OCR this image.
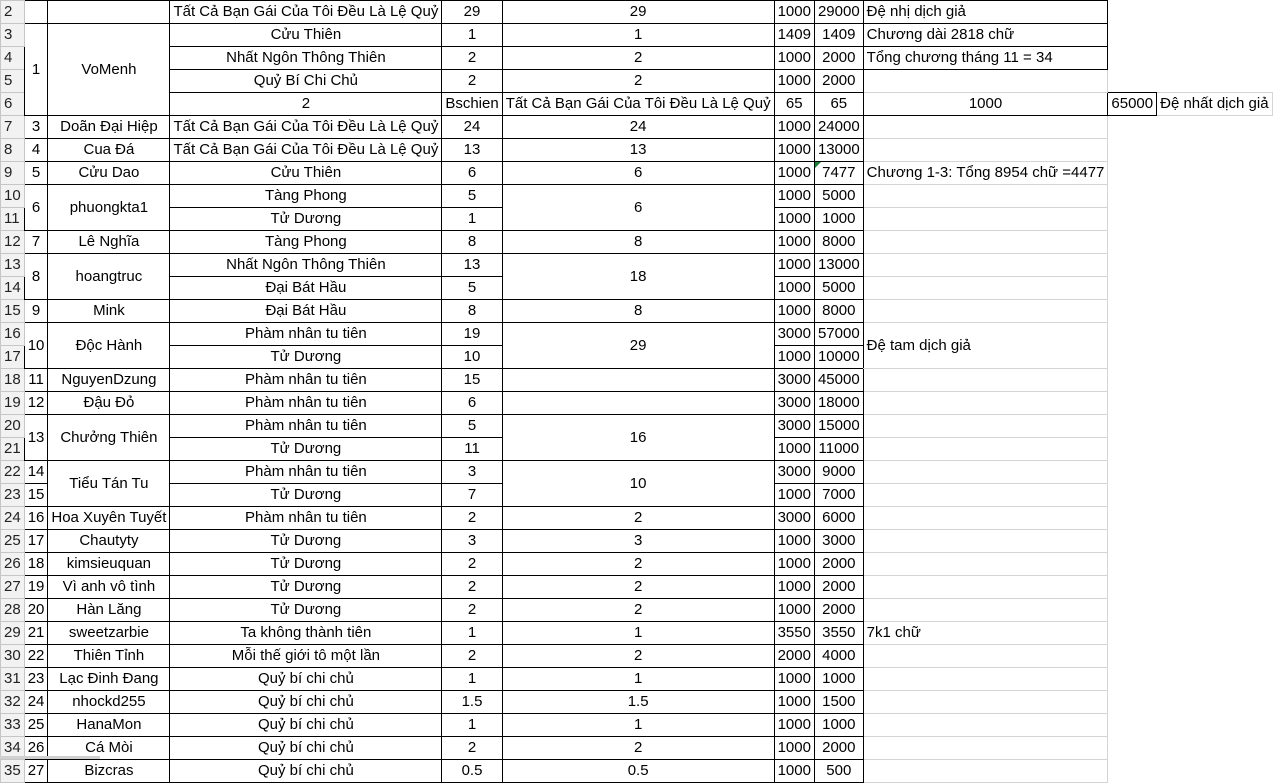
2			Tất Cả Bạn Gái Của Tôi Đều Là Lệ Quỷ	29	29	1000	29000	Đệ nhị dịch giả		
3	1	VoMenh	Cửu Thiên	1	1	1409	1409	Chương dài 2818 chữ		
4			Nhất Ngôn Thông Thiên	2	2	1000	2000	Tổng chương tháng 11 = 34		
5			Quỷ Bí Chi Chủ	2	2	1000	2000			
6			2	Bschien	Tất Cả Bạn Gái Của Tôi Đều Là Lệ Quỷ	65	65	1000	65000	Đệ nhất dịch giả
7	3	Doãn Đại Hiệp	Tất Cả Bạn Gái Của Tôi Đều Là Lệ Quỷ	24	24	1000	24000			
8	4	Cua Đá	Tất Cả Bạn Gái Của Tôi Đều Là Lệ Quỷ	13	13	1000	13000			
9	5	Cửu Dao	Cửu Thiên	6	6	1000	7477	Chương 1-3: Tổng 8954 chữ =4477		
10	6	phuongkta1	Tàng Phong	5	6	1000	5000			
11			Tử Dương	1		1000	1000			
12	7	Lê Nghĩa	Tàng Phong	8	8	1000	8000			
13	8	hoangtruc	Nhất Ngôn Thông Thiên	13	18	1000	13000			
14			Đại Bát Hầu	5		1000	5000			
15	9	Mink	Đại Bát Hầu	8	8	1000	8000			
16	10	Độc Hành	Phàm nhân tu tiên	19	29	3000	57000	Đệ tam dịch giả		
17			Tử Dương	10		1000	10000			
18	11	NguyenDzung	Phàm nhân tu tiên	15		3000	45000			
19	12	Đậu Đỏ	Phàm nhân tu tiên	6		3000	18000			
20	13	Chưởng Thiên	Phàm nhân tu tiên	5	16	3000	15000			
21			Tử Dương	11		1000	11000			
22	14	Tiểu Tán Tu	Phàm nhân tu tiên	3	10	3000	9000			
23	15		Tử Dương	7		1000	7000			
24	16	Hoa Xuyên Tuyết	Phàm nhân tu tiên	2	2	3000	6000			
25	17	Chautyty	Tử Dương	3	3	1000	3000			
26	18	kimsieuquan	Tử Dương	2	2	1000	2000			
27	19	Vì anh vô tình	Tử Dương	2	2	1000	2000			
28	20	Hàn Lăng	Tử Dương	2	2	1000	2000			
29	21	sweetzarbie	Ta không thành tiên	1	1	3550	3550	7k1 chữ		
30	22	Thiên Tỉnh	Mỗi thế giới tô một lần	2	2	2000	4000			
31	23	Lạc Đinh Đang	Quỷ bí chi chủ	1	1	1000	1000			
32	24	nhockd255	Quỷ bí chi chủ	1.5	1.5	1000	1500			
33	25	HanaMon	Quỷ bí chi chủ	1	1	1000	1000			
34	26	Cá Mòi	Quỷ bí chi chủ	2	2	1000	2000			
35	27	Bizcras	Quỷ bí chi chủ	0.5	0.5	1000	500			
